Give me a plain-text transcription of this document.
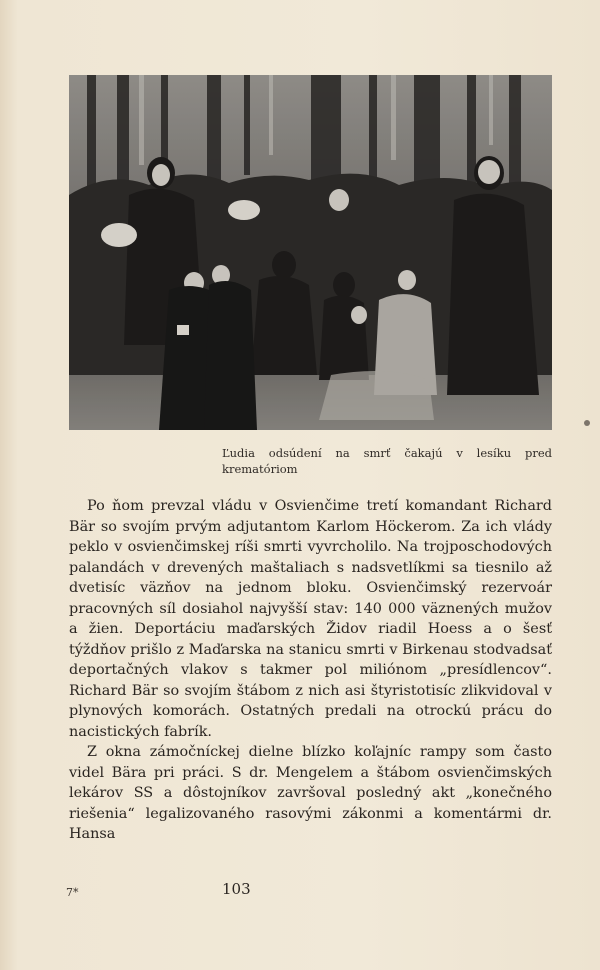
Ľudia odsúdení na smrť čakajú v lesíku pred krematóriom

Po ňom prevzal vládu v Osvienčime tretí komandant Richard Bär so svojím prvým adjutantom Karlom Höckerom. Za ich vlády peklo v osvienčimskej ríši smrti vyvrcholilo. Na trojposchodových palandách v drevených maštaliach s nadsvetlíkmi sa tiesnilo až dvetisíc väzňov na jednom bloku. Osvienčimský rezervoár pracovných síl dosiahol najvyšší stav: 140 000 väznených mužov a žien. Deportáciu maďarských Židov riadil Hoess a o šesť týždňov prišlo z Maďarska na stanicu smrti v Birkenau stodvadsať deportačných vlakov s takmer pol miliónom „presídlencov“. Richard Bär so svojím štábom z nich asi štyristotisíc zlikvidoval v plynových komorách. Ostatných predali na otrockú prácu do nacistických fabrík.

Z okna zámočníckej dielne blízko koľajníc rampy som často videl Bära pri práci. S dr. Mengelem a štábom osvienčimských lekárov SS a dôstojníkov završoval posledný akt „konečného riešenia“ legalizovaného rasovými zákonmi a komentármi dr. Hansa

7*	103
